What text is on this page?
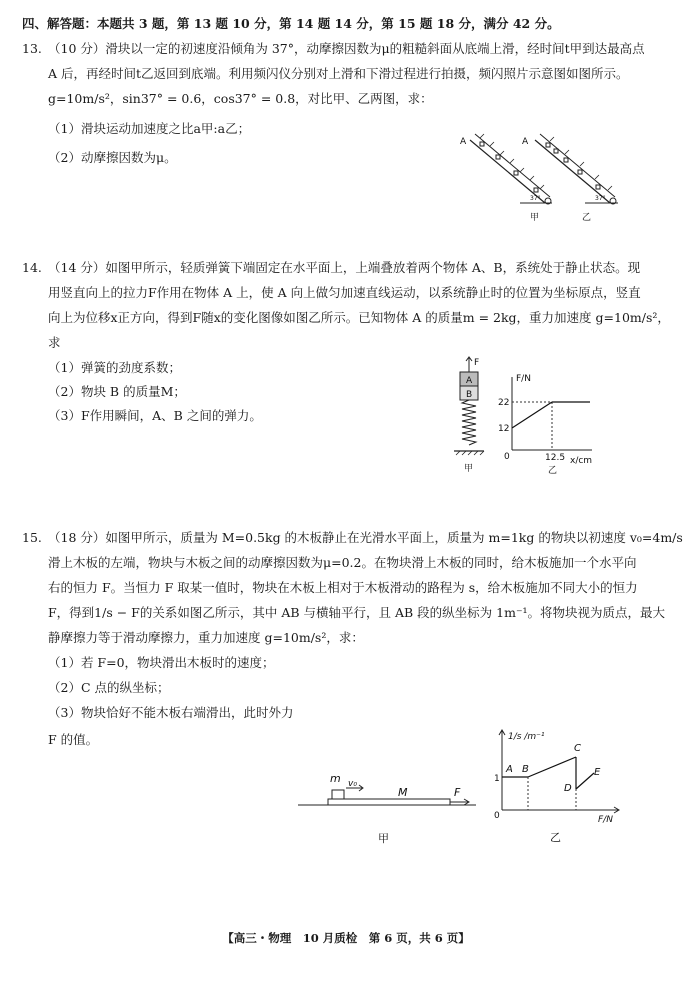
四、解答题：本题共 3 题，第 13 题 10 分，第 14 题 14 分，第 15 题 18 分，满分 42 分。
13. （10 分）滑块以一定的初速度沿倾角为 37°，动摩擦因数为μ的粗糙斜面从底端上滑，经时间t甲到达最高点
A 后，再经时间t乙返回到底端。利用频闪仪分别对上滑和下滑过程进行拍摄，频闪照片示意图如图所示。
g=10m/s²，sin37° = 0.6，cos37° = 0.8，对比甲、乙两图，求：
（1）滑块运动加速度之比a甲:a乙；
（2）动摩擦因数为μ。
A
37°
甲
A
37°
乙
14. （14 分）如图甲所示，轻质弹簧下端固定在水平面上，上端叠放着两个物体 A、B，系统处于静止状态。现
用竖直向上的拉力F作用在物体 A 上，使 A 向上做匀加速直线运动，以系统静止时的位置为坐标原点，竖直
向上为位移x正方向，得到F随x的变化图像如图乙所示。已知物体 A 的质量m = 2kg，重力加速度 g=10m/s²，
求
（1）弹簧的劲度系数；
（2）物块 B 的质量M；
（3）F作用瞬间，A、B 之间的弹力。
F
A
B
甲
F/N
x/cm
22
12
0	12.5
乙
15. （18 分）如图甲所示，质量为 M=0.5kg 的木板静止在光滑水平面上，质量为 m=1kg 的物块以初速度 v₀=4m/s
滑上木板的左端，物块与木板之间的动摩擦因数为μ=0.2。在物块滑上木板的同时，给木板施加一个水平向
右的恒力 F。当恒力 F 取某一值时，物块在木板上相对于木板滑动的路程为 s，给木板施加不同大小的恒力
F，得到1/s − F的关系如图乙所示，其中 AB 与横轴平行，且 AB 段的纵坐标为 1m⁻¹。将物块视为质点，最大
静摩擦力等于滑动摩擦力，重力加速度 g=10m/s²，求：
（1）若 F=0，物块滑出木板时的速度；
（2）C 点的纵坐标；
（3）物块恰好不能木板右端滑出，此时外力
F 的值。
m v₀
M	F
甲
1/s /m⁻¹
F/N
1
0
A B
C
D
E
乙
【高三・物理　10 月质检　第 6 页，共 6 页】
